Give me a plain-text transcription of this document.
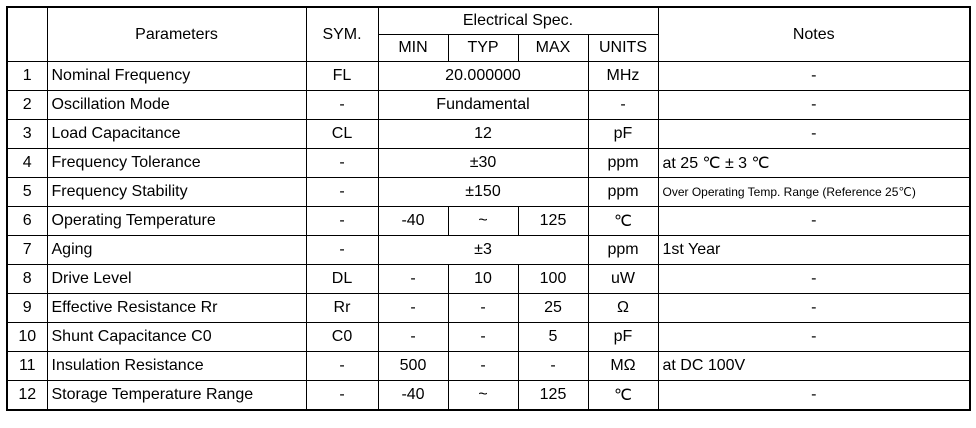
	Parameters	SYM.	Electrical Spec.				Notes
			MIN	TYP	MAX	UNITS	
1	Nominal Frequency	FL	20.000000			MHz	-
2	Oscillation Mode	-	Fundamental			-	-
3	Load Capacitance	CL	12			pF	-
4	Frequency Tolerance	-	±30			ppm	at 25 ℃ ± 3 ℃
5	Frequency Stability	-	±150			ppm	Over Operating Temp. Range (Reference 25℃)
6	Operating Temperature	-	-40	~	125	℃	-
7	Aging	-	±3			ppm	1st Year
8	Drive Level	DL	-	10	100	uW	-
9	Effective Resistance Rr	Rr	-	-	25	Ω	-
10	Shunt Capacitance C0	C0	-	-	5	pF	-
11	Insulation Resistance	-	500	-	-	MΩ	at DC 100V
12	Storage Temperature Range	-	-40	~	125	℃	-
